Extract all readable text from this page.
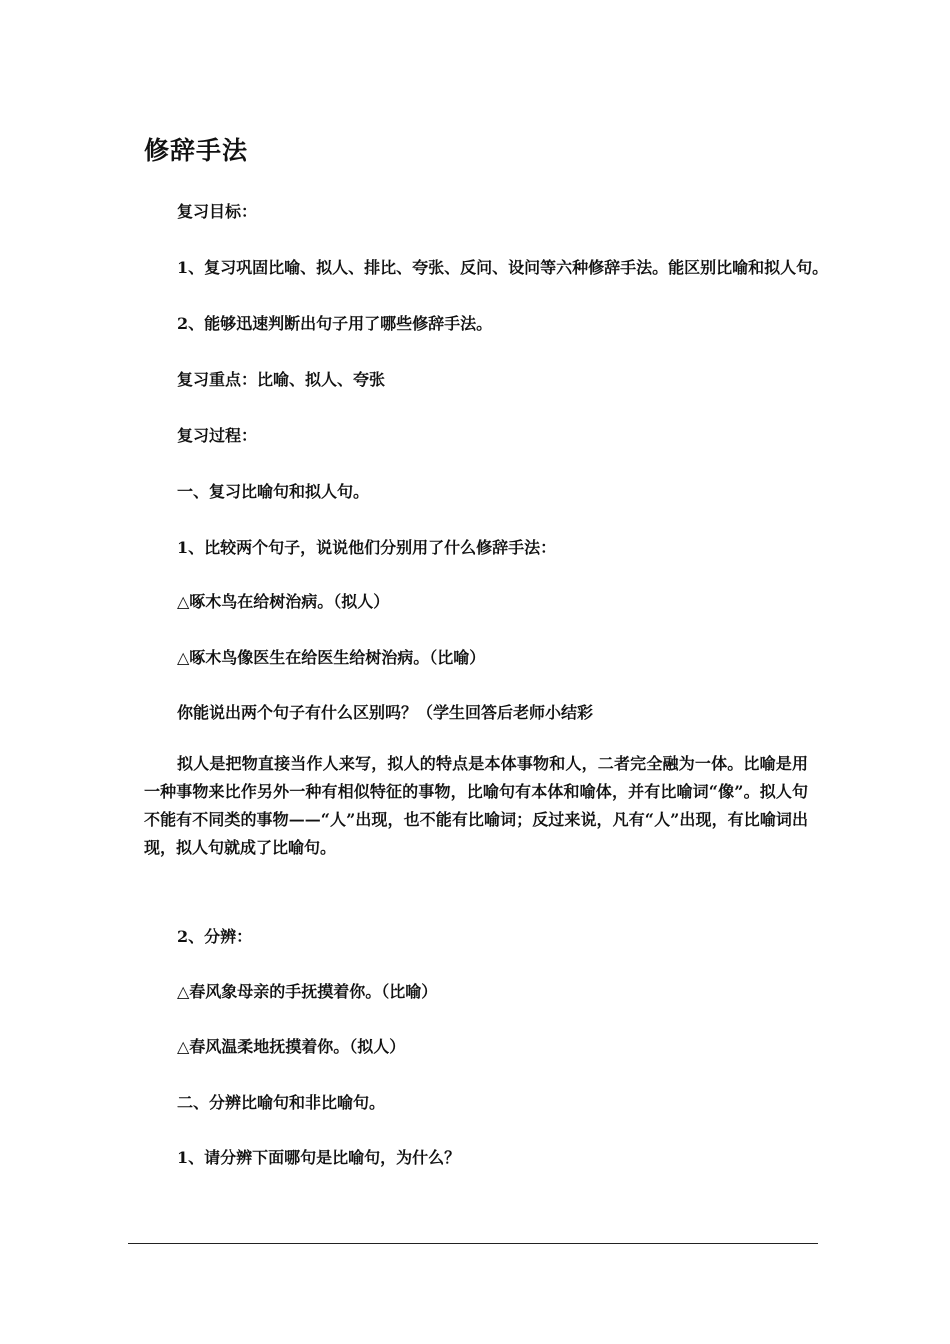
修辞手法
复习目标：
1、复习巩固比喻、拟人、排比、夸张、反问、设问等六种修辞手法。能区别比喻和拟人句。
2、能够迅速判断出句子用了哪些修辞手法。
复习重点：比喻、拟人、夸张
复习过程：
一、复习比喻句和拟人句。
1、比较两个句子，说说他们分别用了什么修辞手法：
△啄木鸟在给树治病。（拟人）
△啄木鸟像医生在给医生给树治病。（比喻）
你能说出两个句子有什么区别吗？（学生回答后老师小结彩
拟人是把物直接当作人来写，拟人的特点是本体事物和人，二者完全融为一体。比喻是用一种事物来比作另外一种有相似特征的事物，比喻句有本体和喻体，并有比喻词“像”。拟人句不能有不同类的事物——“人”出现，也不能有比喻词；反过来说，凡有“人”出现，有比喻词出现，拟人句就成了比喻句。
2、分辨：
△春风象母亲的手抚摸着你。（比喻）
△春风温柔地抚摸着你。（拟人）
二、分辨比喻句和非比喻句。
1、请分辨下面哪句是比喻句，为什么？
